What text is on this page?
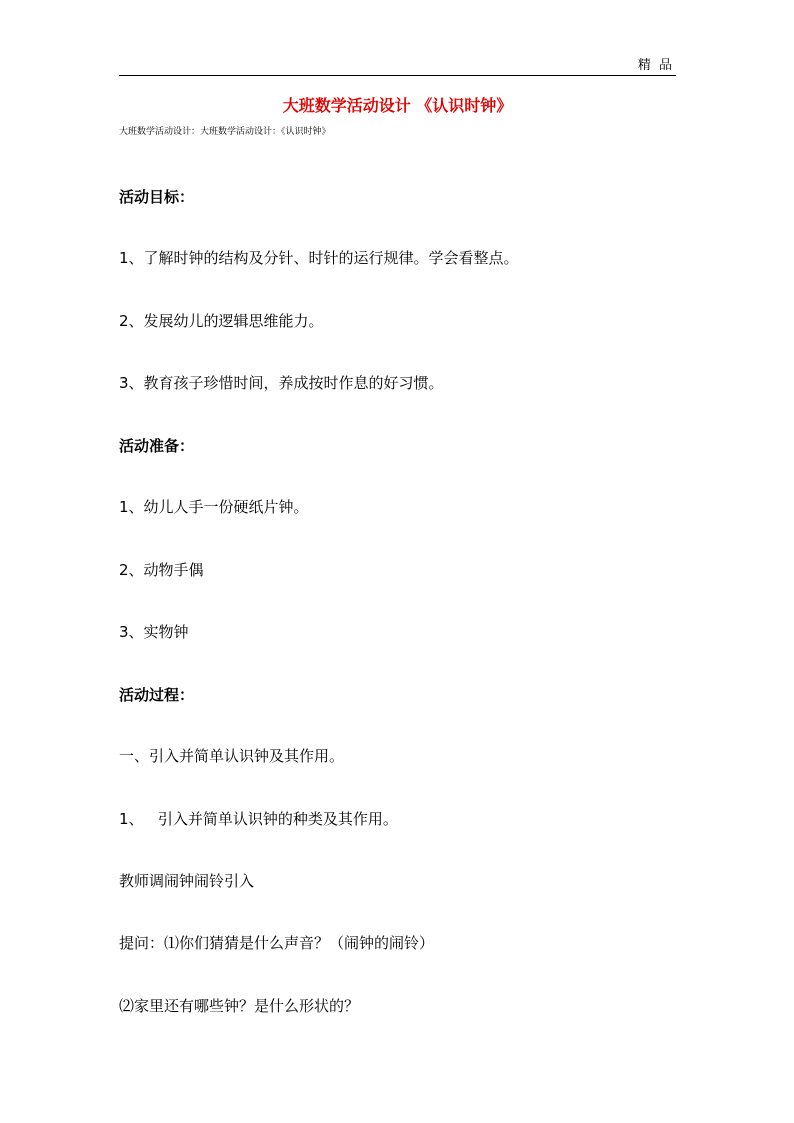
精 品
大班数学活动设计 《认识时钟》
大班数学活动设计：大班数学活动设计：《认识时钟》
活动目标：
1、了解时钟的结构及分针、时针的运行规律。学会看整点。
2、发展幼儿的逻辑思维能力。
3、教育孩子珍惜时间，养成按时作息的好习惯。
活动准备：
1、幼儿人手一份硬纸片钟。
2、动物手偶
3、实物钟
活动过程：
一、引入并简单认识钟及其作用。
1、   引入并简单认识钟的种类及其作用。
教师调闹钟闹铃引入
提问：⑴你们猜猜是什么声音？（闹钟的闹铃）
⑵家里还有哪些钟？是什么形状的？
